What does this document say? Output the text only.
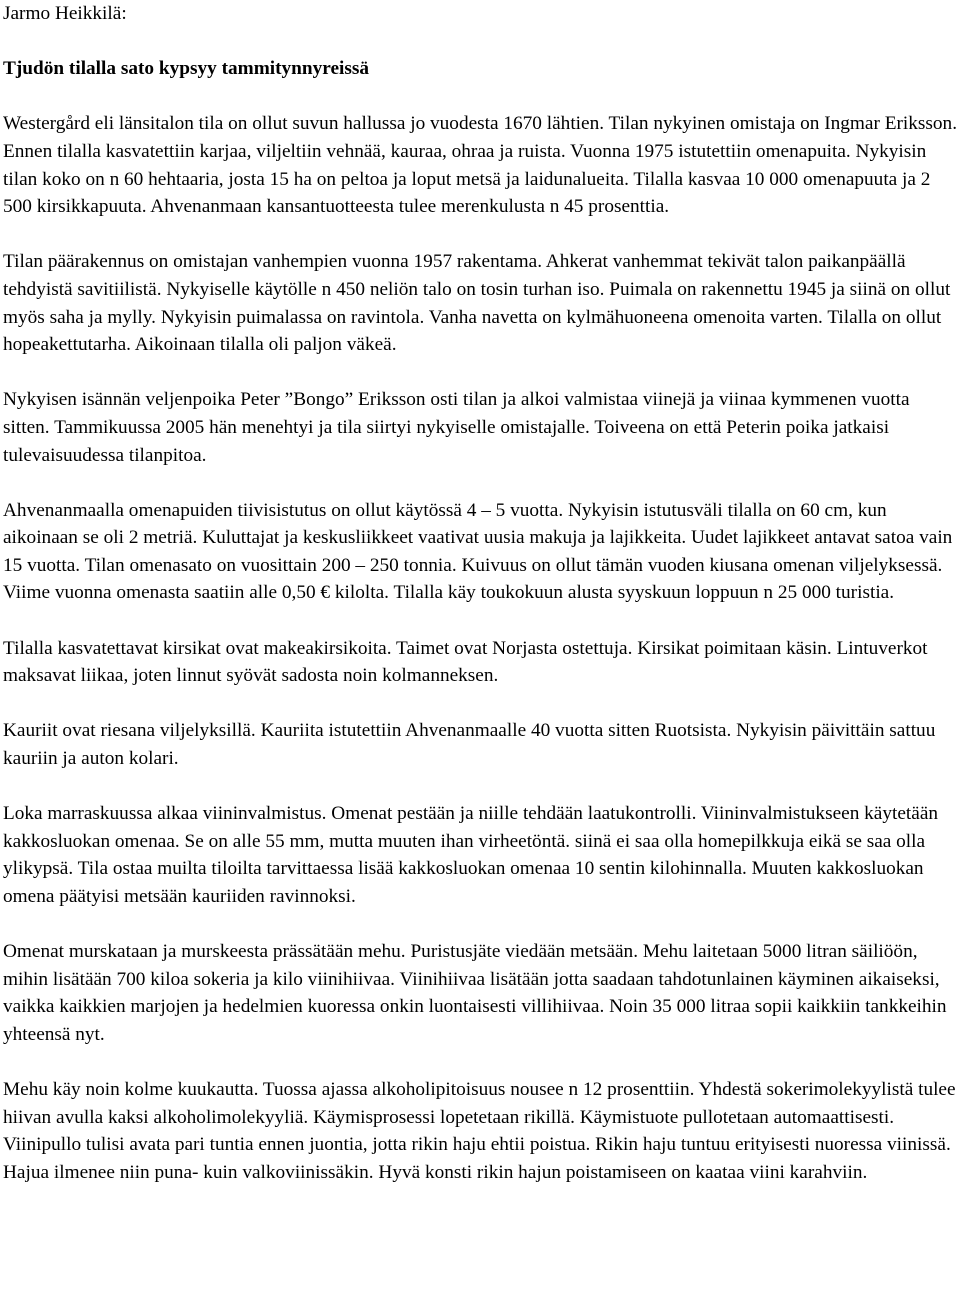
Jarmo Heikkilä:
Tjudön tilalla sato kypsyy tammitynnyreissä

Westergård eli länsitalon tila on ollut suvun hallussa jo vuodesta 1670 lähtien. Tilan nykyinen omistaja on Ingmar Eriksson. Ennen tilalla kasvatettiin karjaa, viljeltiin vehnää, kauraa, ohraa ja ruista. Vuonna 1975 istutettiin omenapuita. Nykyisin tilan koko on n 60 hehtaaria, josta 15 ha on peltoa ja loput metsä ja laidunalueita. Tilalla kasvaa 10 000 omenapuuta ja 2 500 kirsikkapuuta. Ahvenanmaan kansantuotteesta tulee merenkulusta n 45 prosenttia.

Tilan päärakennus on omistajan vanhempien vuonna 1957 rakentama. Ahkerat vanhemmat tekivät talon paikanpäällä tehdyistä savitiilistä. Nykyiselle käytölle n 450 neliön talo on tosin turhan iso. Puimala on rakennettu 1945 ja siinä on ollut myös saha ja mylly. Nykyisin puimalassa on ravintola. Vanha navetta on kylmähuoneena omenoita varten. Tilalla on ollut hopeakettutarha. Aikoinaan tilalla oli paljon väkeä.

Nykyisen isännän veljenpoika Peter ”Bongo” Eriksson osti tilan ja alkoi valmistaa viinejä ja viinaa kymmenen vuotta sitten. Tammikuussa 2005 hän menehtyi ja tila siirtyi nykyiselle omistajalle. Toiveena on että Peterin poika jatkaisi tulevaisuudessa tilanpitoa.

Ahvenanmaalla omenapuiden tiivisistutus on ollut käytössä 4 – 5 vuotta. Nykyisin istutusväli tilalla on 60 cm, kun aikoinaan se oli 2 metriä. Kuluttajat ja keskusliikkeet vaativat uusia makuja ja lajikkeita. Uudet lajikkeet antavat satoa vain 15 vuotta. Tilan omenasato on vuosittain 200 – 250 tonnia. Kuivuus on ollut tämän vuoden kiusana omenan viljelyksessä. Viime vuonna omenasta saatiin alle 0,50 € kilolta. Tilalla käy toukokuun alusta syyskuun loppuun n 25 000 turistia.

Tilalla kasvatettavat kirsikat ovat makeakirsikoita. Taimet ovat Norjasta ostettuja. Kirsikat poimitaan käsin. Lintuverkot maksavat liikaa, joten linnut syövät sadosta noin kolmanneksen.

Kauriit ovat riesana viljelyksillä. Kauriita istutettiin Ahvenanmaalle 40 vuotta sitten Ruotsista. Nykyisin päivittäin sattuu kauriin ja auton kolari.

Loka marraskuussa alkaa viininvalmistus. Omenat pestään ja niille tehdään laatukontrolli. Viininvalmistukseen käytetään kakkosluokan omenaa. Se on alle 55 mm, mutta muuten ihan virheetöntä. siinä ei saa olla homepilkkuja eikä se saa olla ylikypsä. Tila ostaa muilta tiloilta tarvittaessa lisää kakkosluokan omenaa 10 sentin kilohinnalla. Muuten kakkosluokan omena päätyisi metsään kauriiden ravinnoksi.

Omenat murskataan ja murskeesta prässätään mehu. Puristusjäte viedään metsään. Mehu laitetaan 5000 litran säiliöön, mihin lisätään 700 kiloa sokeria ja kilo viinihiivaa. Viinihiivaa lisätään jotta saadaan tahdotunlainen käyminen aikaiseksi, vaikka kaikkien marjojen ja hedelmien kuoressa onkin luontaisesti villihiivaa. Noin 35 000 litraa sopii kaikkiin tankkeihin yhteensä nyt.

Mehu käy noin kolme kuukautta. Tuossa ajassa alkoholipitoisuus nousee n 12 prosenttiin. Yhdestä sokerimolekyylistä tulee hiivan avulla kaksi alkoholimolekyyliä. Käymisprosessi lopetetaan rikillä. Käymistuote pullotetaan automaattisesti. Viinipullo tulisi avata pari tuntia ennen juontia, jotta rikin haju ehtii poistua. Rikin haju tuntuu erityisesti nuoressa viinissä. Hajua ilmenee niin puna- kuin valkoviinissäkin. Hyvä konsti rikin hajun poistamiseen on kaataa viini karahviin.
